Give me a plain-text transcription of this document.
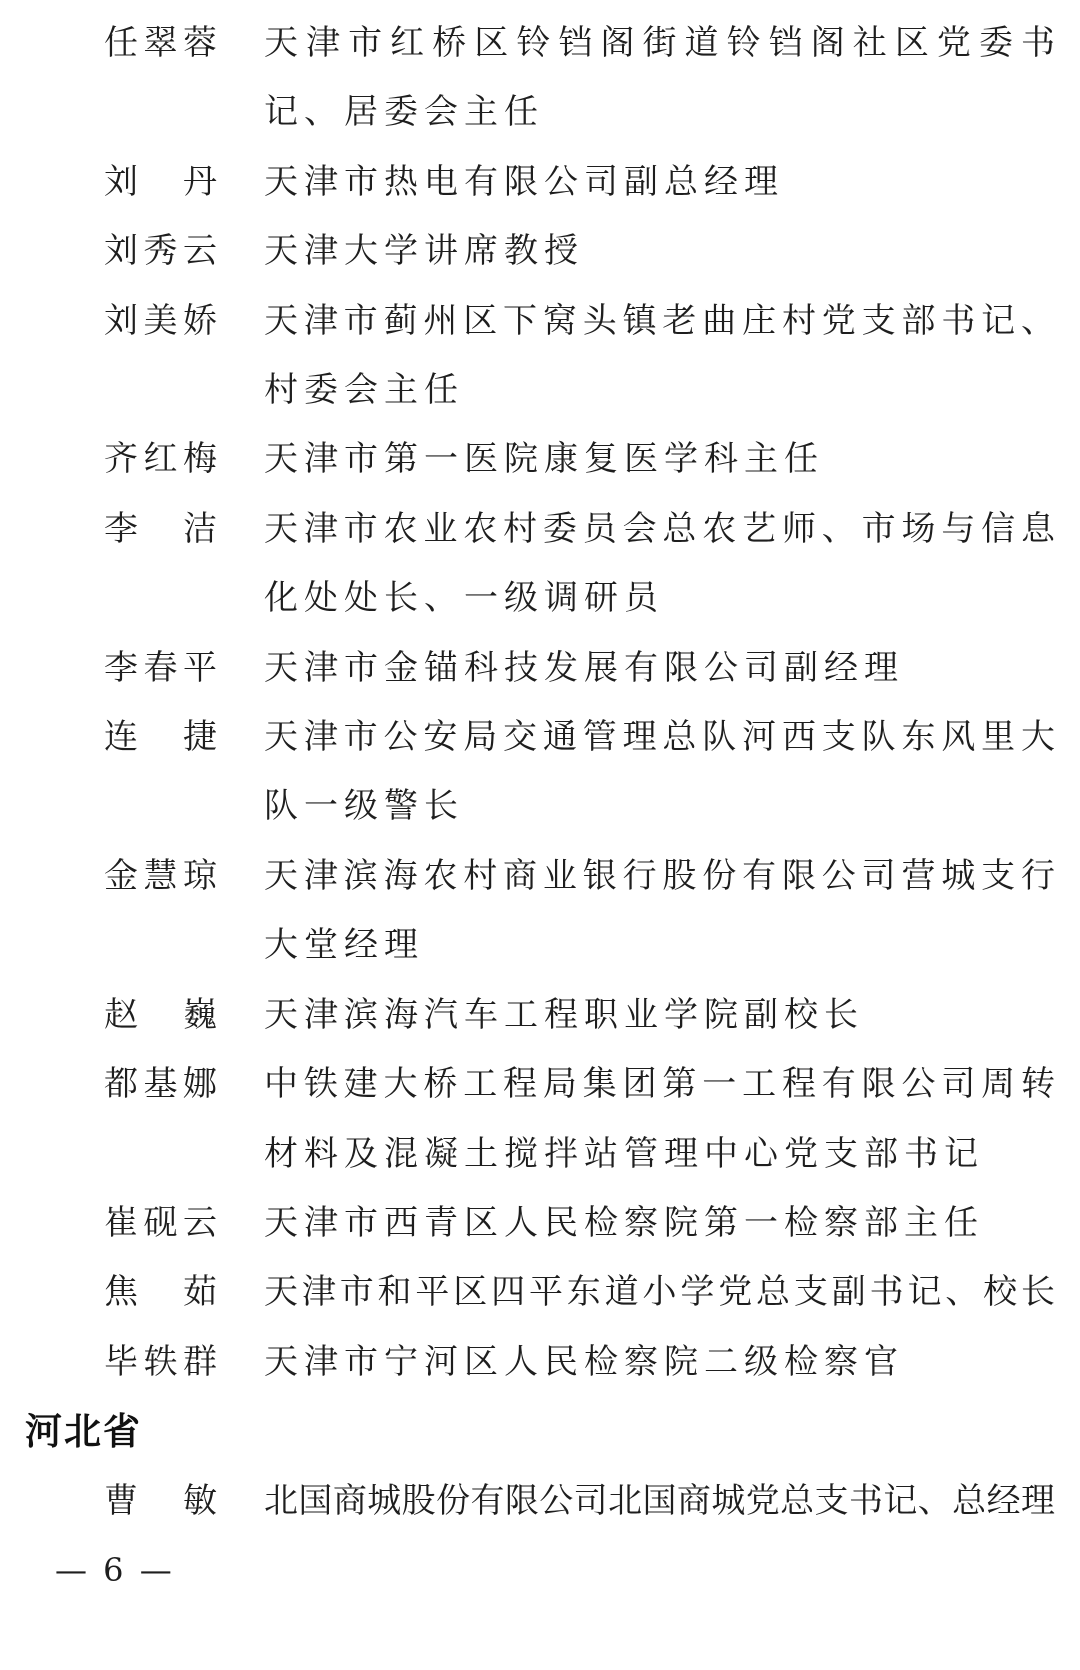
任翠蓉 天津市红桥区铃铛阁街道铃铛阁社区党委书
记、居委会主任
刘　丹 天津市热电有限公司副总经理
刘秀云 天津大学讲席教授
刘美娇 天津市蓟州区下窝头镇老曲庄村党支部书记、
村委会主任
齐红梅 天津市第一医院康复医学科主任
李　洁 天津市农业农村委员会总农艺师、市场与信息
化处处长、一级调研员
李春平 天津市金锚科技发展有限公司副经理
连　捷 天津市公安局交通管理总队河西支队东风里大
队一级警长
金慧琼 天津滨海农村商业银行股份有限公司营城支行
大堂经理
赵　巍 天津滨海汽车工程职业学院副校长
都基娜 中铁建大桥工程局集团第一工程有限公司周转
材料及混凝土搅拌站管理中心党支部书记
崔砚云 天津市西青区人民检察院第一检察部主任
焦　茹 天津市和平区四平东道小学党总支副书记、校长
毕轶群 天津市宁河区人民检察院二级检察官
河北省
曹　敏 北国商城股份有限公司北国商城党总支书记、总经理
— 6 —
